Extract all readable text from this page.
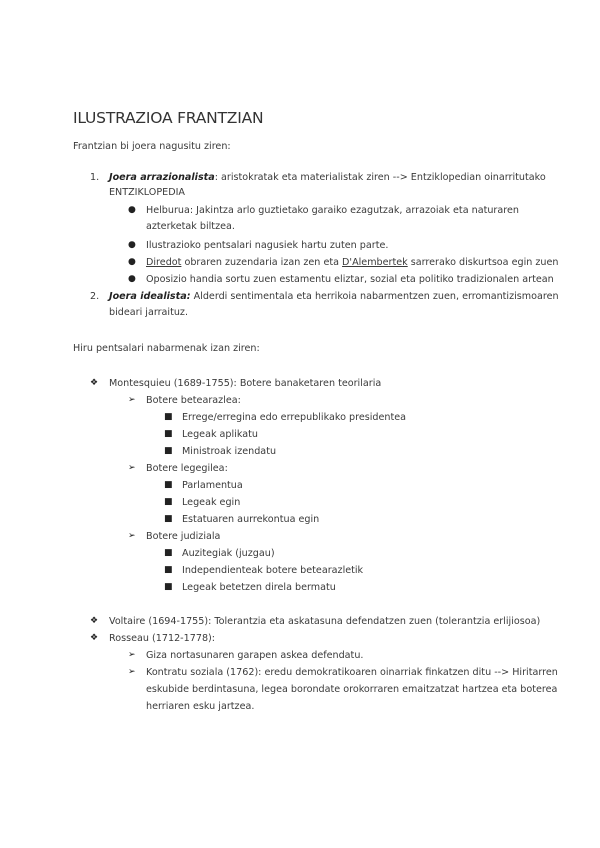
ILUSTRAZIOA FRANTZIAN
Frantzian bi joera nagusitu ziren:
1. Joera arrazionalista: aristokratak eta materialistak ziren --> Entziklopedian oinarritutako
ENTZIKLOPEDIA
● Helburua: Jakintza arlo guztietako garaiko ezagutzak, arrazoiak eta naturaren
azterketak biltzea.
● Ilustrazioko pentsalari nagusiek hartu zuten parte.
● Diredot obraren zuzendaria izan zen eta D'Alembertek sarrerako diskurtsoa egin zuen
● Oposizio handia sortu zuen estamentu eliztar, sozial eta politiko tradizionalen artean
2. Joera idealista: Alderdi sentimentala eta herrikoia nabarmentzen zuen, erromantizismoaren
bideari jarraituz.
Hiru pentsalari nabarmenak izan ziren:
❖ Montesquieu (1689-1755): Botere banaketaren teorilaria
➢ Botere betearazlea:
■ Errege/erregina edo errepublikako presidentea
■ Legeak aplikatu
■ Ministroak izendatu
➢ Botere legegilea:
■ Parlamentua
■ Legeak egin
■ Estatuaren aurrekontua egin
➢ Botere judiziala
■ Auzitegiak (juzgau)
■ Independienteak botere betearazletik
■ Legeak betetzen direla bermatu
❖ Voltaire (1694-1755): Tolerantzia eta askatasuna defendatzen zuen (tolerantzia erlijiosoa)
❖ Rosseau (1712-1778):
➢ Giza nortasunaren garapen askea defendatu.
➢ Kontratu soziala (1762): eredu demokratikoaren oinarriak finkatzen ditu --> Hiritarren
eskubide berdintasuna, legea borondate orokorraren emaitzatzat hartzea eta boterea
herriaren esku jartzea.
